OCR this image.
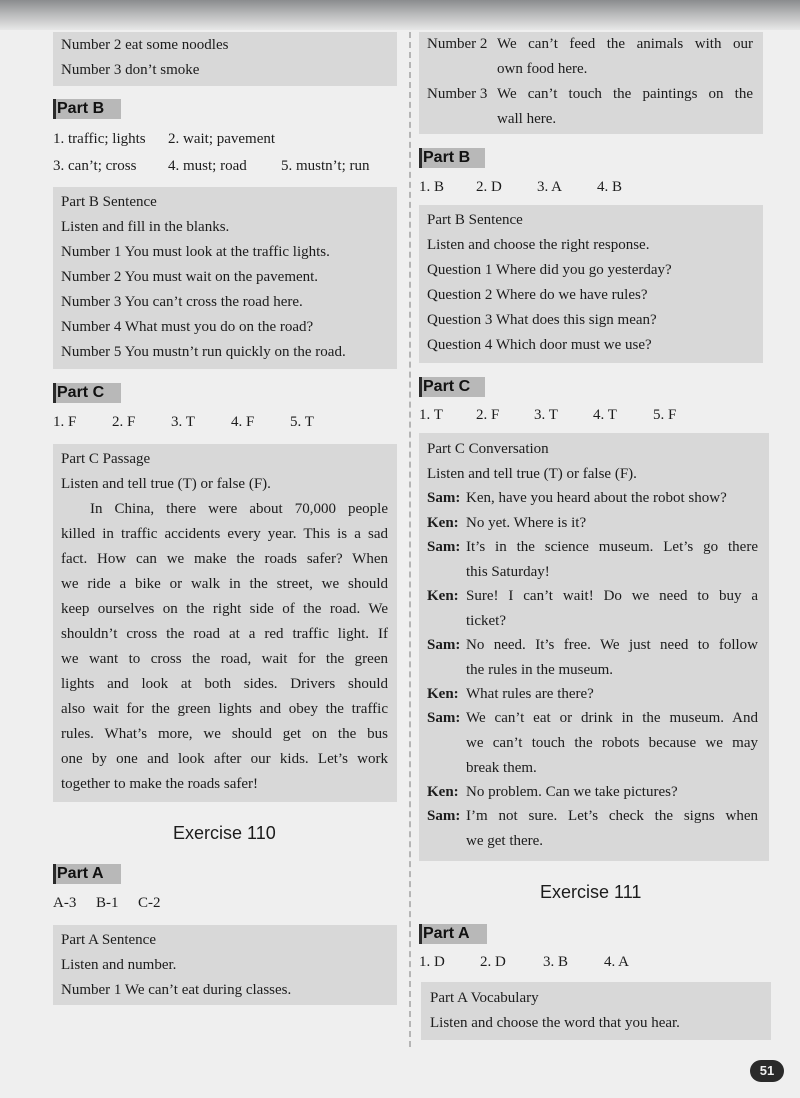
Number 2 eat some noodles
Number 3 don’t smoke
Part B
1. traffic; lights 2. wait; pavement
3. can’t; cross 4. must; road 5. mustn’t; run
Part B Sentence
Listen and fill in the blanks.
Number 1 You must look at the traffic lights.
Number 2 You must wait on the pavement.
Number 3 You can’t cross the road here.
Number 4 What must you do on the road?
Number 5 You mustn’t run quickly on the road.
Part C
1. F 2. F 3. T 4. F 5. T
Part C Passage
Listen and tell true (T) or false (F).
In China, there were about 70,000 people
killed in traffic accidents every year. This is a sad
fact. How can we make the roads safer? When
we ride a bike or walk in the street, we should
keep ourselves on the right side of the road. We
shouldn’t cross the road at a red traffic light. If
we want to cross the road, wait for the green
lights and look at both sides. Drivers should
also wait for the green lights and obey the traffic
rules. What’s more, we should get on the bus
one by one and look after our kids. Let’s work
together to make the roads safer!
Exercise 110
Part A
A-3 B-1 C-2
Part A Sentence
Listen and number.
Number 1 We can’t eat during classes.
Number 2 We can’t feed the animals with our
own food here.
Number 3 We can’t touch the paintings on the
wall here.
Part B
1. B 2. D 3. A 4. B
Part B Sentence
Listen and choose the right response.
Question 1 Where did you go yesterday?
Question 2 Where do we have rules?
Question 3 What does this sign mean?
Question 4 Which door must we use?
Part C
1. T 2. F 3. T 4. T 5. F
Part C Conversation
Listen and tell true (T) or false (F).
Sam: Ken, have you heard about the robot show?
Ken: No yet. Where is it?
Sam: It’s in the science museum. Let’s go there
this Saturday!
Ken: Sure! I can’t wait! Do we need to buy a
ticket?
Sam: No need. It’s free. We just need to follow
the rules in the museum.
Ken: What rules are there?
Sam: We can’t eat or drink in the museum. And
we can’t touch the robots because we may
break them.
Ken: No problem. Can we take pictures?
Sam: I’m not sure. Let’s check the signs when
we get there.
Exercise 111
Part A
1. D 2. D 3. B 4. A
Part A Vocabulary
Listen and choose the word that you hear.
51
